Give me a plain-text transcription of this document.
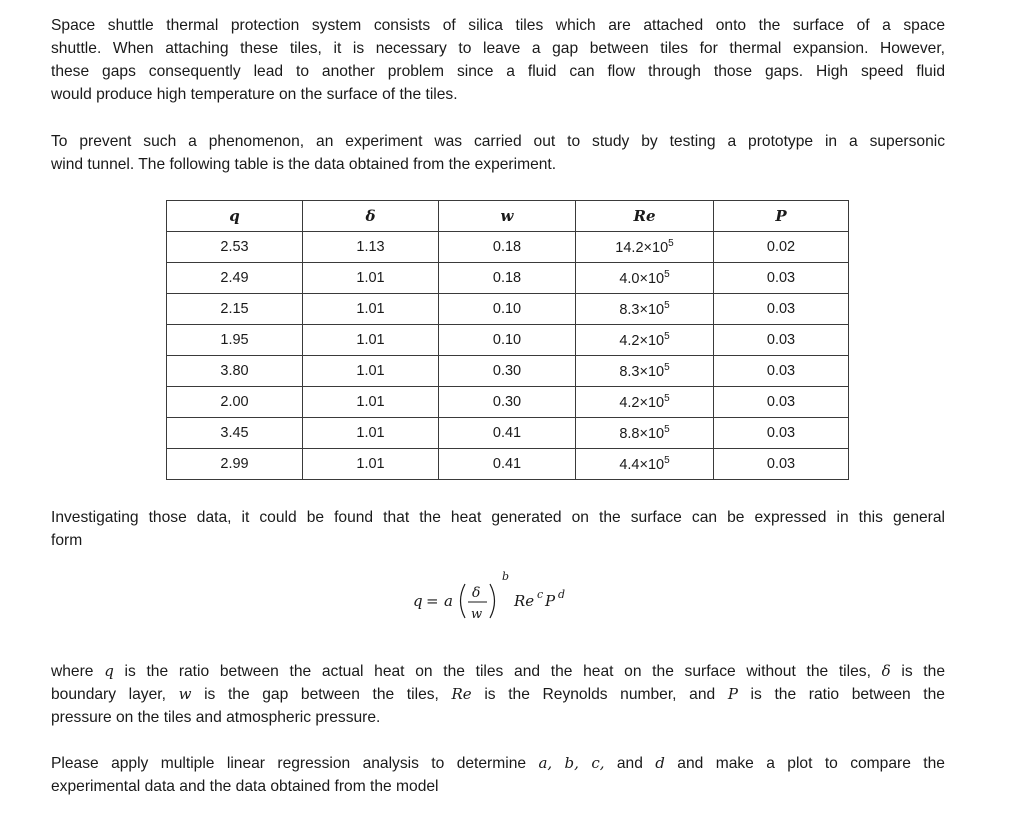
Space shuttle thermal protection system consists of silica tiles which are attached onto the surface of a space
shuttle. When attaching these tiles, it is necessary to leave a gap between tiles for thermal expansion. However,
these gaps consequently lead to another problem since a fluid can flow through those gaps. High speed fluid
would produce high temperature on the surface of the tiles.
To prevent such a phenomenon, an experiment was carried out to study by testing a prototype in a supersonic
wind tunnel. The following table is the data obtained from the experiment.
q	δ	w	Re	P
2.53	1.13	0.18	$14.2\times 10^5$	0.02
2.49	1.01	0.18	$4.0\times 10^5$	0.03
2.15	1.01	0.10	$8.3\times 10^5$	0.03
1.95	1.01	0.10	$4.2\times 10^5$	0.03
3.80	1.01	0.30	$8.3\times 10^5$	0.03
2.00	1.01	0.30	$4.2\times 10^5$	0.03
3.45	1.01	0.41	$8.8\times 10^5$	0.03
2.99	1.01	0.41	$4.4\times 10^5$	0.03
Investigating those data, it could be found that the heat generated on the surface can be expressed in this general
form
q = a δ
w
b
Re c P d
where q is the ratio between the actual heat on the tiles and the heat on the surface without the tiles, δ is the
boundary layer, w is the gap between the tiles, Re is the Reynolds number, and P is the ratio between the
pressure on the tiles and atmospheric pressure.
Please apply multiple linear regression analysis to determine a, b, c, and d and make a plot to compare the
experimental data and the data obtained from the model
